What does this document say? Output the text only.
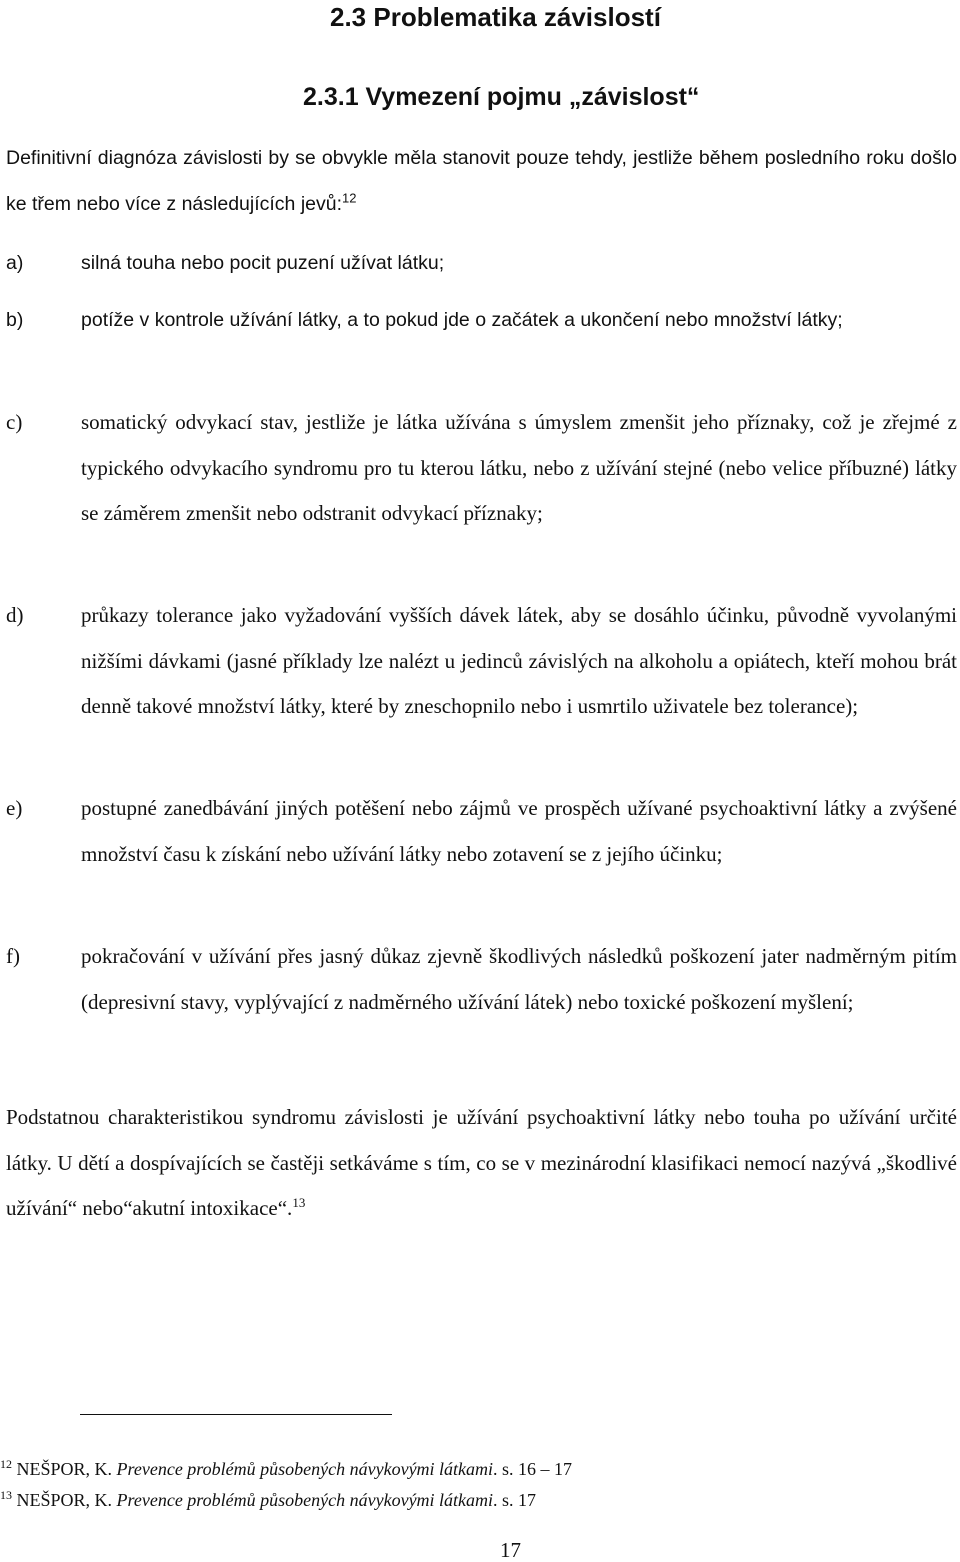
2.3 Problematika závislostí
2.3.1 Vymezení pojmu „závislost“
Definitivní diagnóza závislosti by se obvykle měla stanovit pouze tehdy, jestliže během posledního roku došlo ke třem nebo více z následujících jevů:$^{12}$
a)	silná touha nebo pocit puzení užívat látku;
b)	potíže v kontrole užívání látky, a to pokud jde o začátek a ukončení nebo množství látky;
c)	somatický odvykací stav, jestliže je látka užívána s úmyslem zmenšit jeho příznaky, což je zřejmé z typického odvykacího syndromu pro tu kterou látku, nebo z užívání stejné (nebo velice příbuzné) látky se záměrem zmenšit nebo odstranit odvykací příznaky;
d)	průkazy tolerance jako vyžadování vyšších dávek látek, aby se dosáhlo účinku, původně vyvolanými nižšími dávkami (jasné příklady lze nalézt u jedinců závislých na alkoholu a opiátech, kteří mohou brát denně takové množství látky, které by zneschopnilo nebo i usmrtilo uživatele bez tolerance);
e)	postupné zanedbávání jiných potěšení nebo zájmů ve prospěch užívané psychoaktivní látky a zvýšené množství času k získání nebo užívání látky nebo zotavení se z jejího účinku;
f)	pokračování v užívání přes jasný důkaz zjevně škodlivých následků poškození jater nadměrným pitím (depresivní stavy, vyplývající z nadměrného užívání látek) nebo toxické poškození myšlení;
Podstatnou charakteristikou syndromu závislosti je užívání psychoaktivní látky nebo touha po užívání určité látky. U dětí a dospívajících se častěji setkáváme s tím, co se v mezinárodní klasifikaci nemocí nazývá „škodlivé užívání“ nebo“akutní intoxikace“.$^{13}$
$^{12}$ NEŠPOR, K. Prevence problémů působených návykovými látkami. s. 16 – 17
$^{13}$ NEŠPOR, K. Prevence problémů působených návykovými látkami. s. 17
17
